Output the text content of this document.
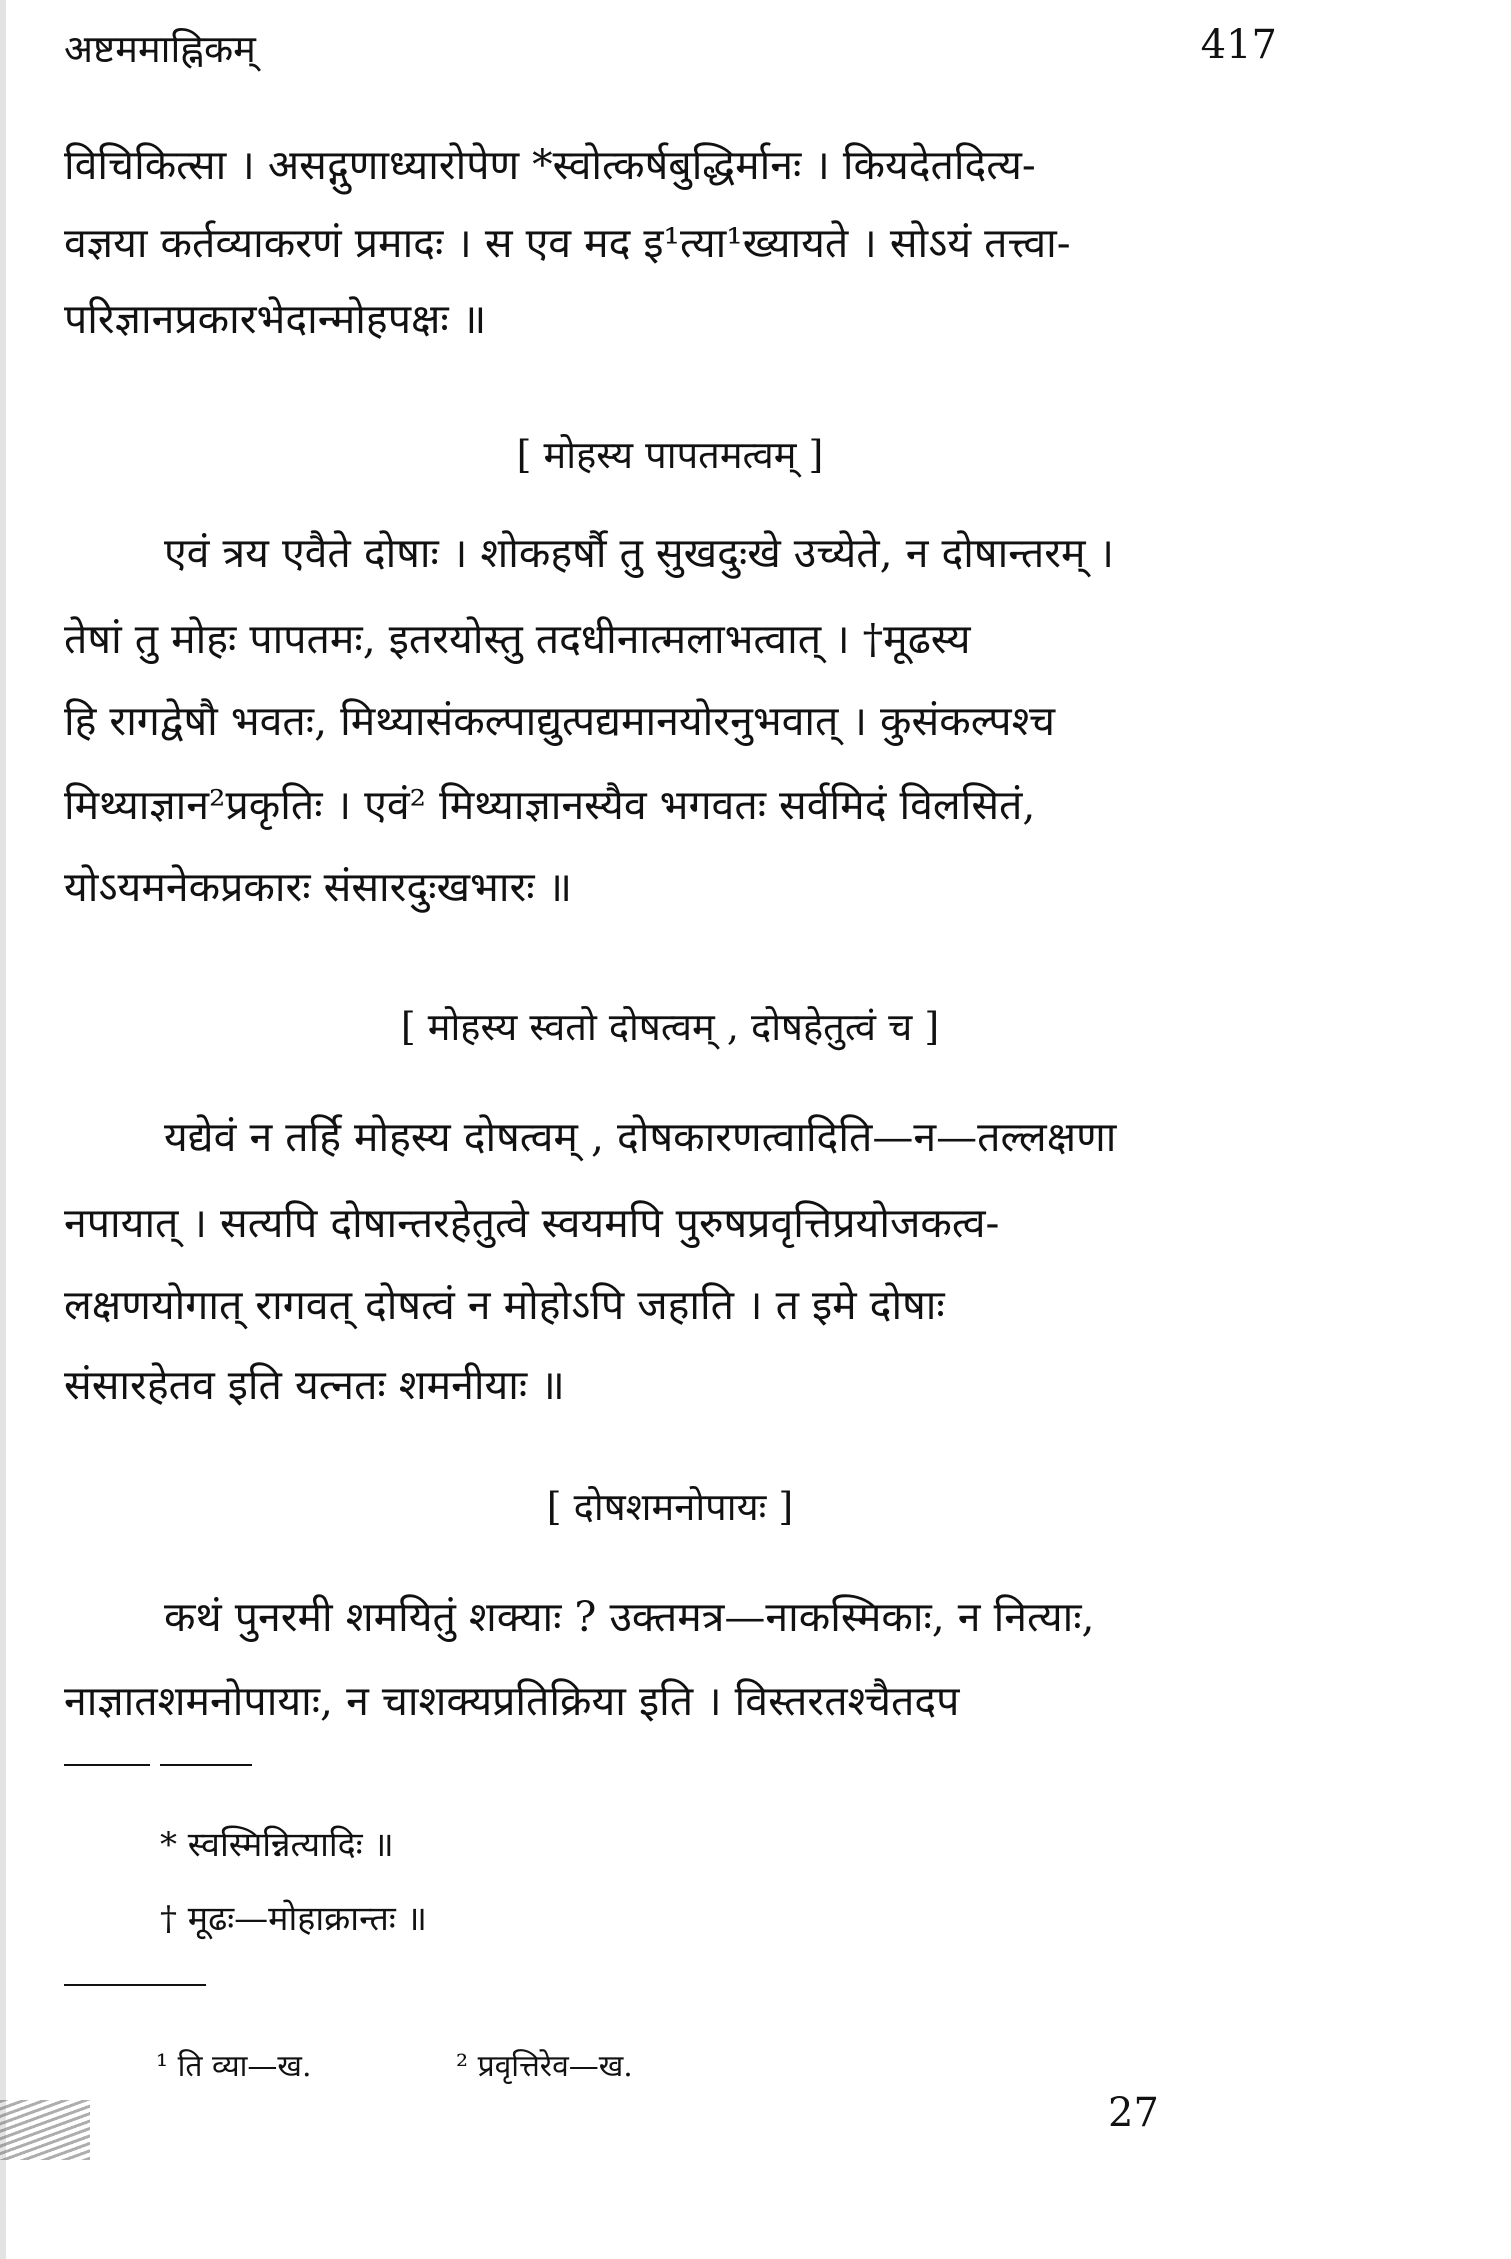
अष्टममाह्निकम्	417
विचिकित्सा । असद्गुणाध्यारोपेण *स्वोत्कर्षबुद्धिर्मानः । कियदेतदित्य-
वज्ञया कर्तव्याकरणं प्रमादः । स एव मद इ¹त्या¹ख्यायते । सोऽयं तत्त्वा-
परिज्ञानप्रकारभेदान्मोहपक्षः ॥
[ मोहस्य पापतमत्वम् ]
एवं त्रय एवैते दोषाः । शोकहर्षौ तु सुखदुःखे उच्येते, न दोषान्तरम् ।
तेषां तु मोहः पापतमः, इतरयोस्तु तदधीनात्मलाभत्वात् । †मूढस्य
हि रागद्वेषौ भवतः, मिथ्यासंकल्पाद्युत्पद्यमानयोरनुभवात् । कुसंकल्पश्च
मिथ्याज्ञान²प्रकृतिः । एवं² मिथ्याज्ञानस्यैव भगवतः सर्वमिदं विलसितं,
योऽयमनेकप्रकारः संसारदुःखभारः ॥
[ मोहस्य स्वतो दोषत्वम् , दोषहेतुत्वं च ]
यद्येवं न तर्हि मोहस्य दोषत्वम् , दोषकारणत्वादिति—न—तल्लक्षणा
नपायात् । सत्यपि दोषान्तरहेतुत्वे स्वयमपि पुरुषप्रवृत्तिप्रयोजकत्व-
लक्षणयोगात् रागवत् दोषत्वं न मोहोऽपि जहाति । त इमे दोषाः
संसारहेतव इति यत्नतः शमनीयाः ॥
[ दोषशमनोपायः ]
कथं पुनरमी शमयितुं शक्याः ? उक्तमत्र—नाकस्मिकाः, न नित्याः,
नाज्ञातशमनोपायाः, न चाशक्यप्रतिक्रिया इति । विस्तरतश्चैतदप
* स्वस्मिन्नित्यादिः ॥
† मूढः—मोहाक्रान्तः ॥
¹ ति व्या—ख.	² प्रवृत्तिरेव—ख.
27
